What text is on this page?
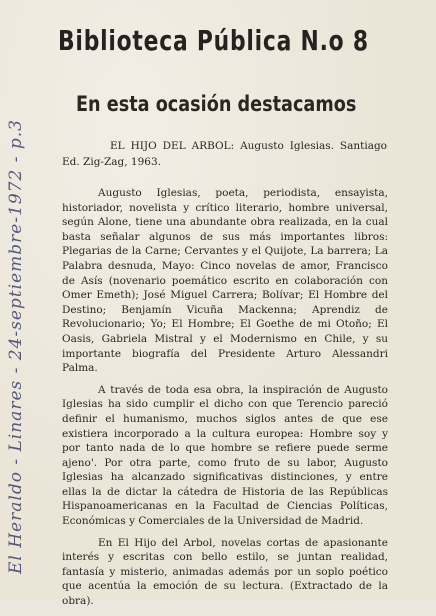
Biblioteca Pública N.o 8
En esta ocasión destacamos

EL HIJO DEL ARBOL: Augusto Iglesias. Santiago Ed. Zig-Zag, 1963.

Augusto Iglesias, poeta, periodista, ensayista, historiador, novelista y crítico literario, hombre universal, según Alone, tiene una abundante obra realizada, en la cual basta señalar algunos de sus más importantes libros: Plegarias de la Carne; Cervantes y el Quijote, La barrera; La Palabra desnuda, Mayo: Cinco novelas de amor, Francisco de Asís (novenario poemático escrito en colaboración con Omer Emeth); José Miguel Carrera; Bolívar; El Hombre del Destino; Benjamín Vicuña Mackenna; Aprendiz de Revolucionario; Yo; El Hombre; El Goethe de mi Otoño; El Oasis, Gabriela Mistral y el Modernismo en Chile, y su importante biografía del Presidente Arturo Alessandri Palma.

A través de toda esa obra, la inspiración de Augusto Iglesias ha sido cumplir el dicho con que Terencio pareció definir el humanismo, muchos siglos antes de que ese existiera incorporado a la cultura europea: Hombre soy y por tanto nada de lo que hombre se refiere puede serme ajeno'. Por otra parte, como fruto de su labor, Augusto Iglesias ha alcanzado significativas distinciones, y entre ellas la de dictar la cátedra de Historia de las Repúblicas Hispanoamericanas en la Facultad de Ciencias Políticas, Económicas y Comerciales de la Universidad de Madrid.

En El Hijo del Arbol, novelas cortas de apasionante interés y escritas con bello estilo, se juntan realidad, fantasía y misterio, animadas además por un soplo poético que acentúa la emoción de su lectura. (Extractado de la obra).

El Heraldo - Linares - 24-septiembre-1972 - p.3
